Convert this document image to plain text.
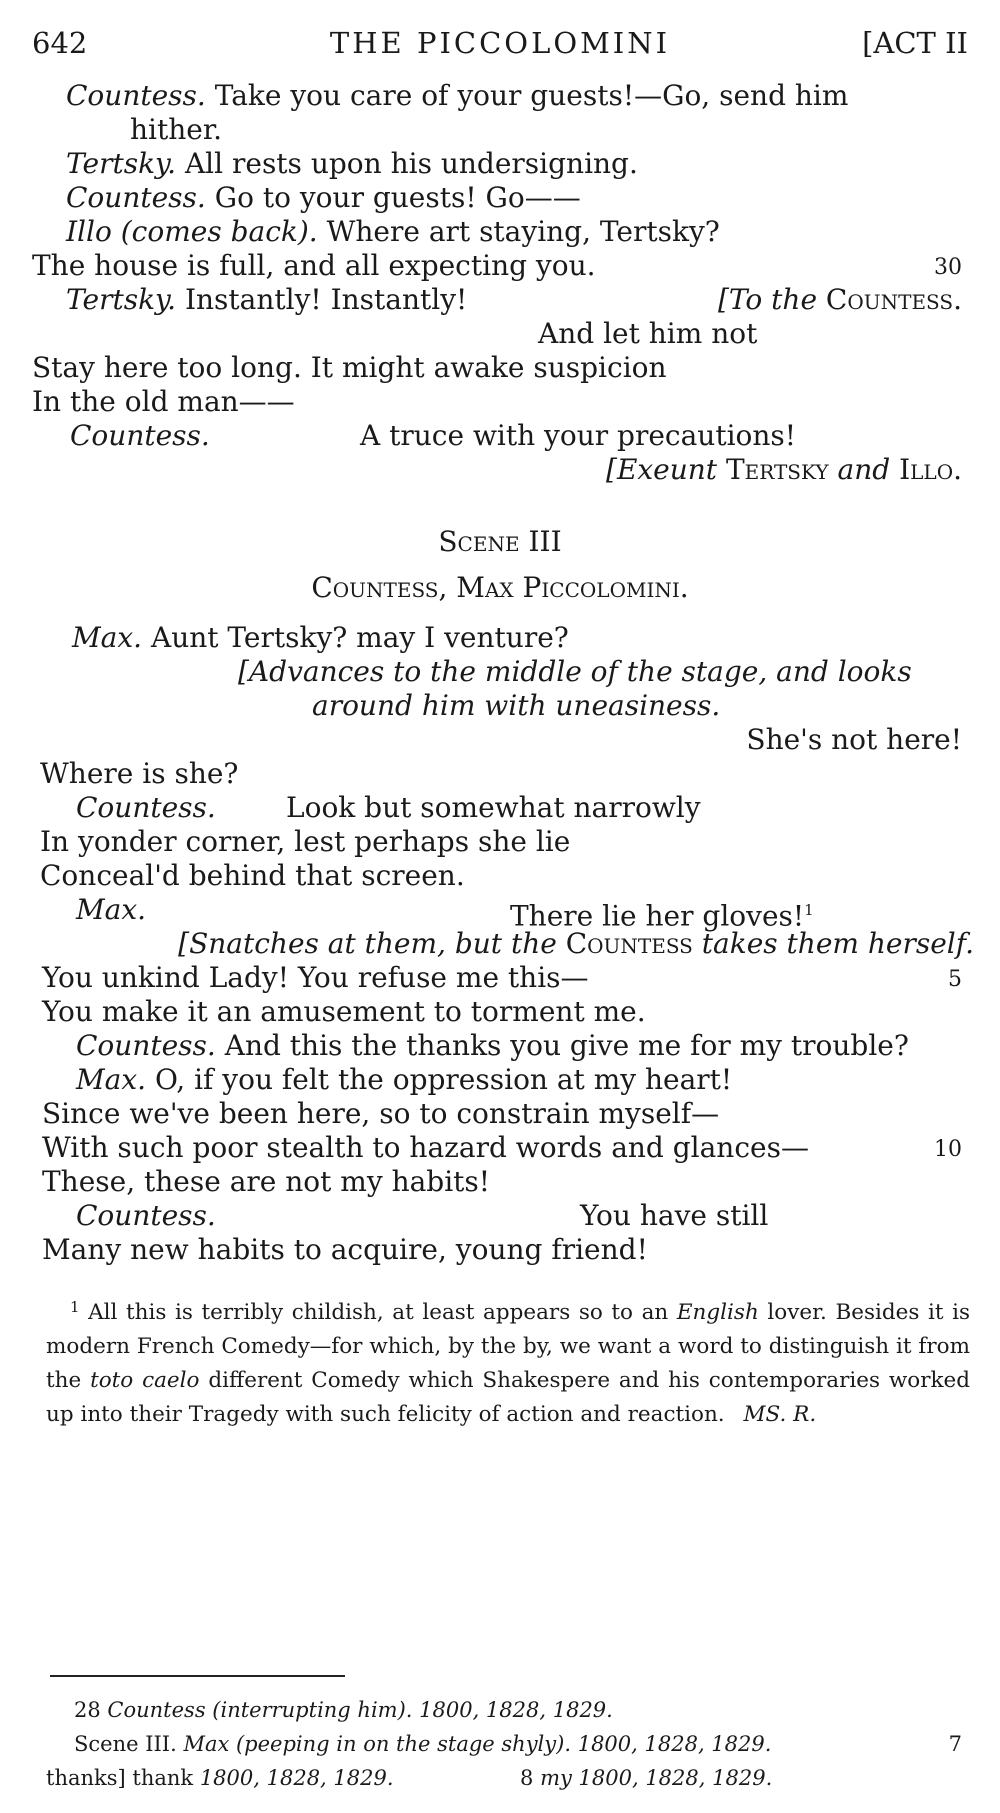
642	THE PICCOLOMINI	[ACT II
Countess. Take you care of your guests!—Go, send him
hither.
Tertsky. All rests upon his undersigning.
Countess. Go to your guests! Go——
Illo (comes back). Where art staying, Tertsky?
The house is full, and all expecting you.	30
Tertsky. Instantly! Instantly!	[To the Countess.
And let him not
Stay here too long. It might awake suspicion
In the old man——
Countess.	A truce with your precautions!
[Exeunt Tertsky and Illo.
Scene III
Countess, Max Piccolomini.
Max. Aunt Tertsky? may I venture?
[Advances to the middle of the stage, and looks
around him with uneasiness.
She's not here!
Where is she?
Countess.	Look but somewhat narrowly
In yonder corner, lest perhaps she lie
Conceal'd behind that screen.
Max.	There lie her gloves!$^1$
[Snatches at them, but the Countess takes them herself.
You unkind Lady! You refuse me this—	5
You make it an amusement to torment me.
Countess. And this the thanks you give me for my trouble?
Max. O, if you felt the oppression at my heart!
Since we've been here, so to constrain myself—
With such poor stealth to hazard words and glances—	10
These, these are not my habits!
Countess.	You have still
Many new habits to acquire, young friend!
$^1$ All this is terribly childish, at least appears so to an English lover. Besides it is modern French Comedy—for which, by the by, we want a word to distinguish it from the toto caelo different Comedy which Shakespere and his contemporaries worked up into their Tragedy with such felicity of action and reaction. MS. R.
28 Countess (interrupting him). 1800, 1828, 1829.
Scene III. Max (peeping in on the stage shyly). 1800, 1828, 1829.	7
thanks] thank 1800, 1828, 1829.	8 my 1800, 1828, 1829.
